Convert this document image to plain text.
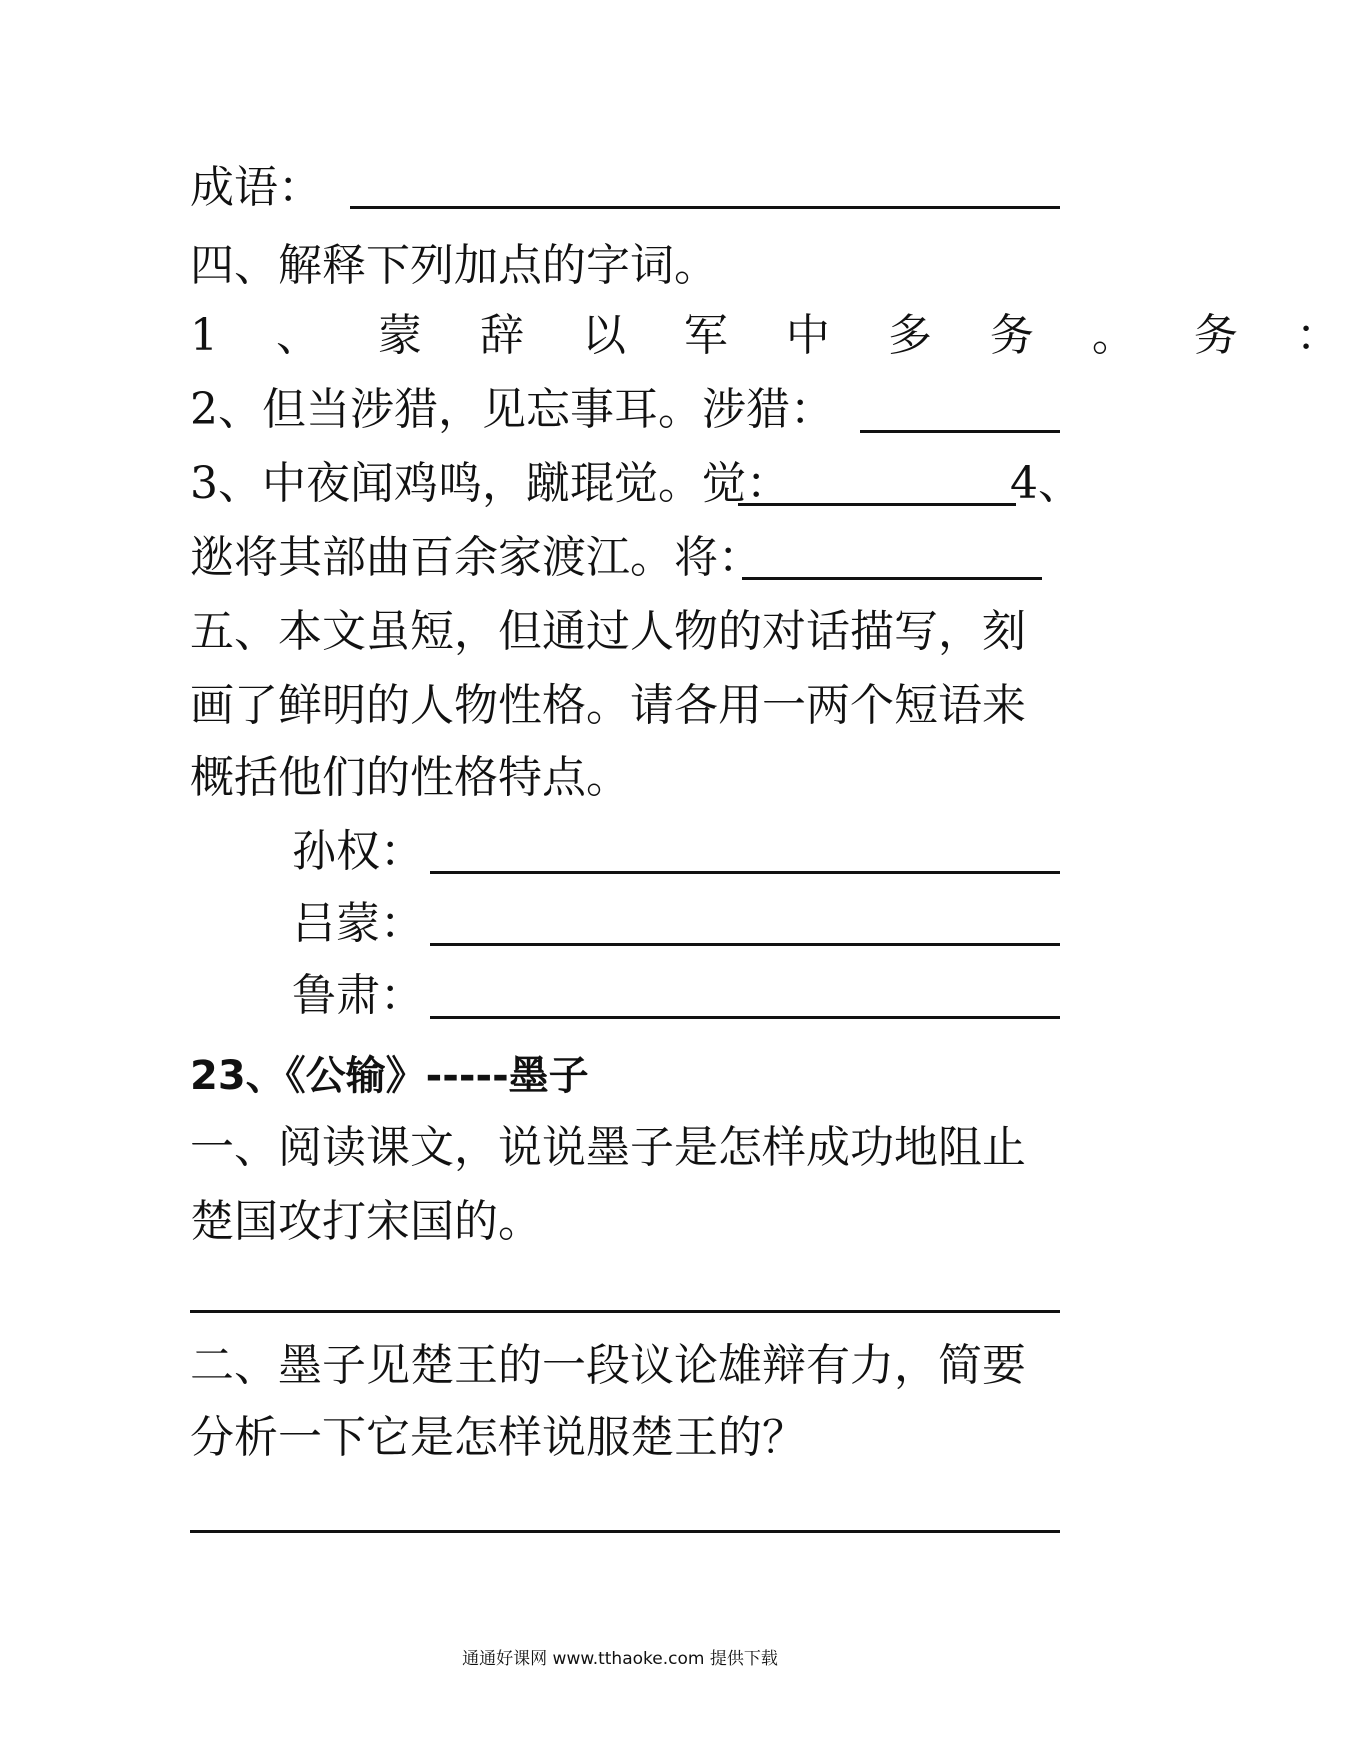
成语：
四、解释下列加点的字词。
1 、 蒙 辞 以 军 中 多 务 。 务 ：
2、但当涉猎，见忘事耳。涉猎：
3、中夜闻鸡鸣，蹴琨觉。觉：	4、
逖将其部曲百余家渡江。将：
五、本文虽短，但通过人物的对话描写，刻
画了鲜明的人物性格。请各用一两个短语来
概括他们的性格特点。
孙权：
吕蒙：
鲁肃：
23、《公输》-----墨子
一、阅读课文，说说墨子是怎样成功地阻止
楚国攻打宋国的。
二、墨子见楚王的一段议论雄辩有力，简要
分析一下它是怎样说服楚王的？
通通好课网 www.tthaoke.com 提供下载
